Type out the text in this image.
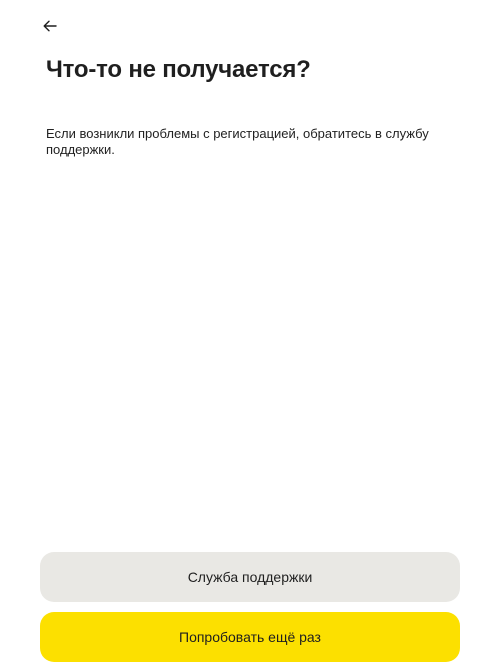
Что-то не получается?

Если возникли проблемы с регистрацией, обратитесь в службу поддержки.

Служба поддержки
Попробовать ещё раз
